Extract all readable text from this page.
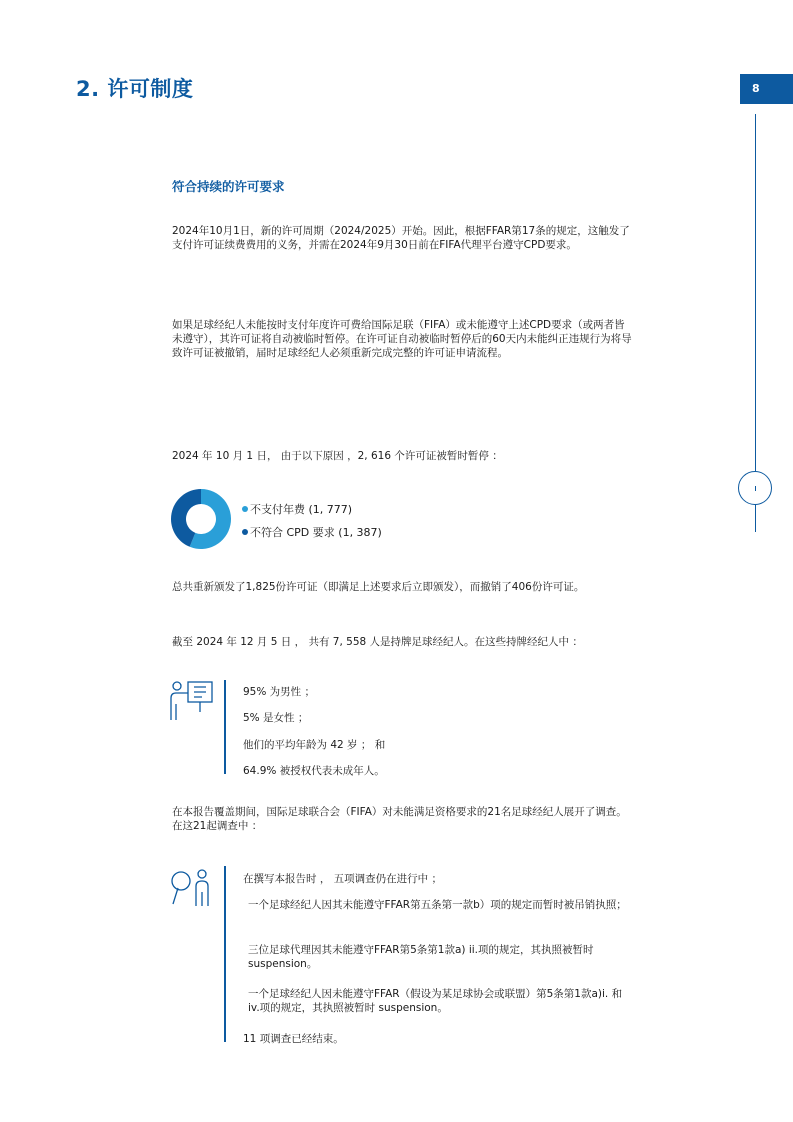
2. 许可制度	8
符合持续的许可要求
2024年10月1日，新的许可周期（2024/2025）开始。因此，根据FFAR第17条的规定，这触发了支付许可证续费费用的义务，并需在2024年9月30日前在FIFA代理平台遵守CPD要求。
如果足球经纪人未能按时支付年度许可费给国际足联（FIFA）或未能遵守上述CPD要求（或两者皆未遵守），其许可证将自动被临时暂停。在许可证自动被临时暂停后的60天内未能纠正违规行为将导致许可证被撤销，届时足球经纪人必须重新完成完整的许可证申请流程。
2024 年 10 月 1 日， 由于以下原因 ，2, 616 个许可证被暂时暂停 ：
不支付年费 (1, 777)
不符合 CPD 要求 (1, 387)
总共重新颁发了1,825份许可证（即满足上述要求后立即颁发），而撤销了406份许可证。
截至 2024 年 12 月 5 日 ， 共有 7, 558 人是持牌足球经纪人。在这些持牌经纪人中 ：
95% 为男性 ；
5% 是女性 ；
他们的平均年龄为 42 岁 ； 和
64.9% 被授权代表未成年人。
在本报告覆盖期间，国际足球联合会（FIFA）对未能满足资格要求的21名足球经纪人展开了调查。在这21起调查中 ：
在撰写本报告时 ， 五项调查仍在进行中 ；
一个足球经纪人因其未能遵守FFAR第五条第一款b）项的规定而暂时被吊销执照；
三位足球代理因其未能遵守FFAR第5条第1款a) ii.项的规定，其执照被暂时 suspension。
一个足球经纪人因未能遵守FFAR（假设为某足球协会或联盟）第5条第1款a)i. 和iv.项的规定，其执照被暂时 suspension。
11 项调查已经结束。
